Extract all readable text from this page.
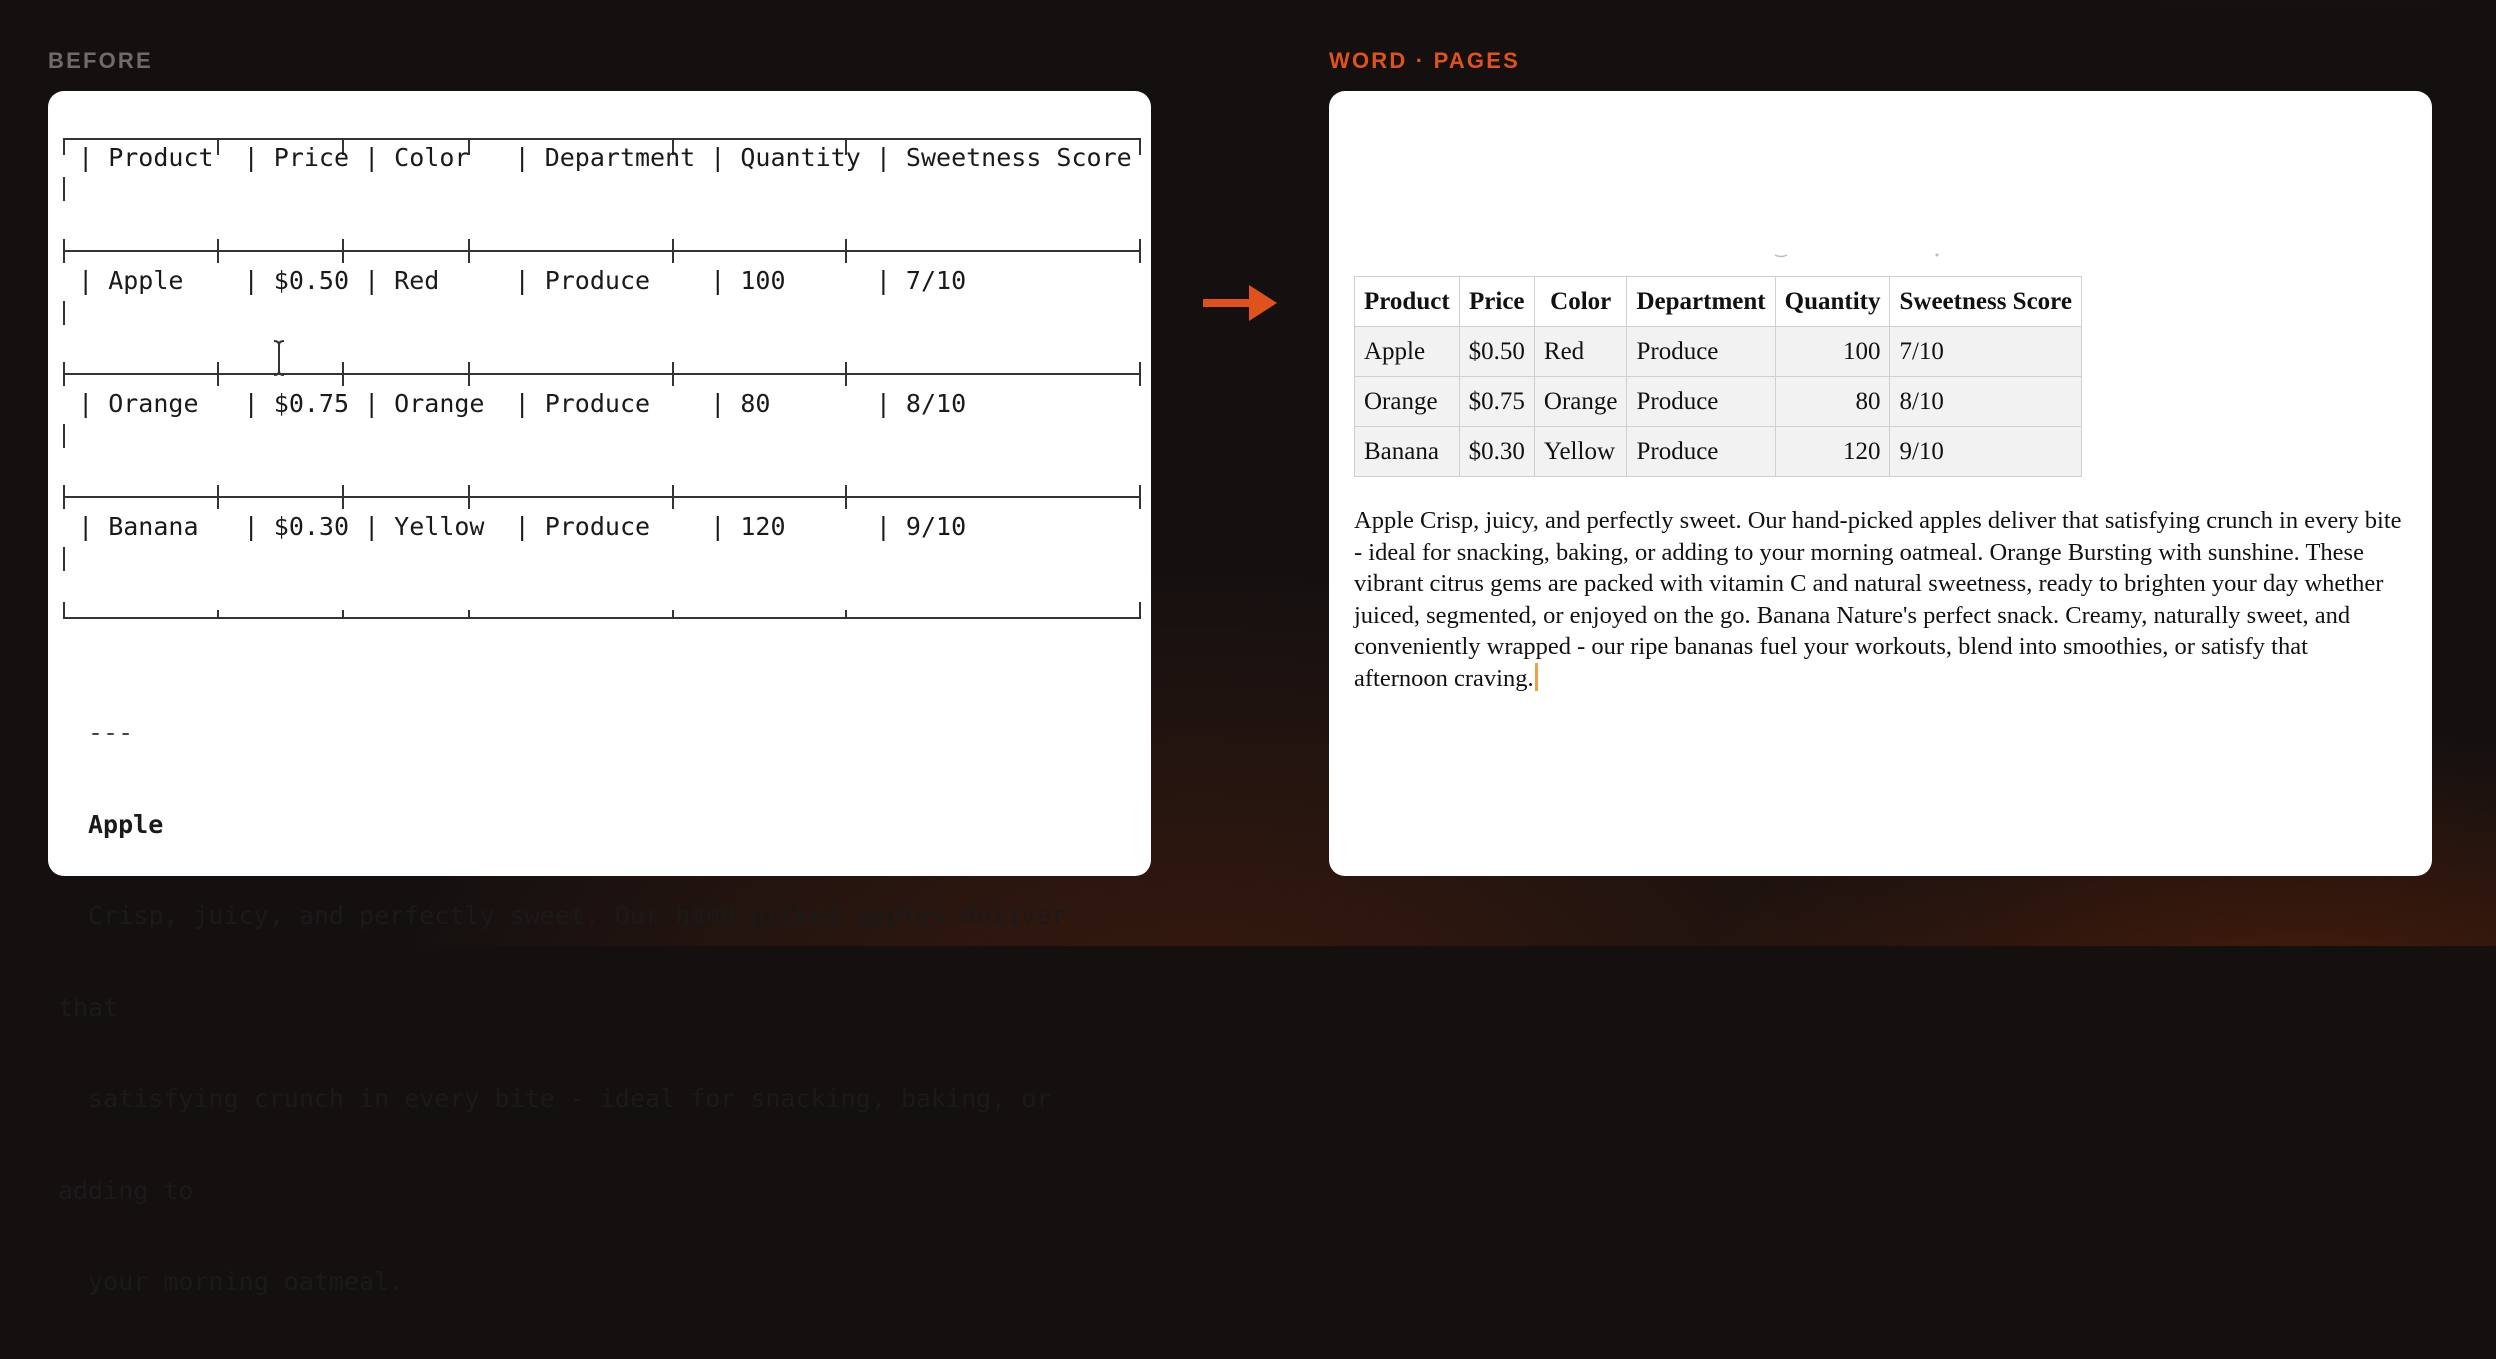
BEFORE	WORD · PAGES
| Product  | Price | Color   | Department | Quantity | Sweetness Score
| Apple    | $0.50 | Red     | Produce    | 100      | 7/10
| Orange   | $0.75 | Orange  | Produce    | 80       | 8/10
| Banana   | $0.30 | Yellow  | Produce    | 120      | 9/10

---

Apple

Crisp, juicy, and perfectly sweet. Our hand-picked apples deliver

that

satisfying crunch in every bite - ideal for snacking, baking, or

adding to

your morning oatmeal.

Product	Price	Color	Department	Quantity	Sweetness Score
Apple	$0.50	Red	Produce	100	7/10
Orange	$0.75	Orange	Produce	80	8/10
Banana	$0.30	Yellow	Produce	120	9/10

Apple Crisp, juicy, and perfectly sweet. Our hand-picked apples deliver that satisfying crunch in every bite - ideal for snacking, baking, or adding to your morning oatmeal. Orange Bursting with sunshine. These vibrant citrus gems are packed with vitamin C and natural sweetness, ready to brighten your day whether juiced, segmented, or enjoyed on the go. Banana Nature's perfect snack. Creamy, naturally sweet, and conveniently wrapped - our ripe bananas fuel your workouts, blend into smoothies, or satisfy that afternoon craving.
